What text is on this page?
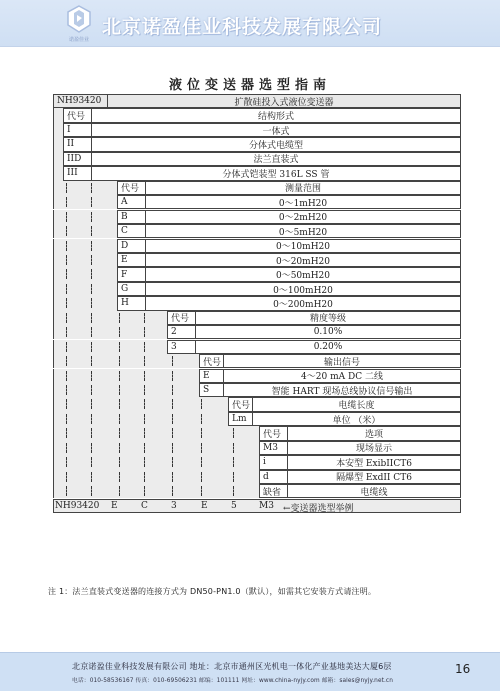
诺盈佳业
北京诺盈佳业科技发展有限公司
液位变送器选型指南
NH93420	扩散硅投入式液位变送器
代号	结构形式
I	一体式
II	分体式电缆型
IID	法兰直装式
III	分体式铠装型 316L SS 管
代号	测量范围
A	0～1mH20
B	0～2mH20
C	0～5mH20
D	0～10mH20
E	0～20mH20
F	0～50mH20
G	0～100mH20
H	0～200mH20
代号	精度等级
2	0.10%
3	0.20%
代号	输出信号
E	4～20 mA DC 二线
S	智能 HART 现场总线协议信号输出
代号	电缆长度
Lm	单位 （米）
代号	选项
M3	现场显示
i	本安型 ExibIICT6
d	隔爆型 ExdII CT6
缺省	电缆线
NH93420 E	C	3	E	5 M3 ←变送器选型举例
注 1：法兰直装式变送器的连接方式为 DN50-PN1.0（默认），如需其它安装方式请注明。
北京诺盈佳业科技发展有限公司 地址：北京市通州区光机电一体化产业基地美达大厦6层
电话：010-58536167 传真：010-69506231 邮编：101111 网址：www.china-nyjy.com 邮箱：sales@nyjy.net.cn
16
